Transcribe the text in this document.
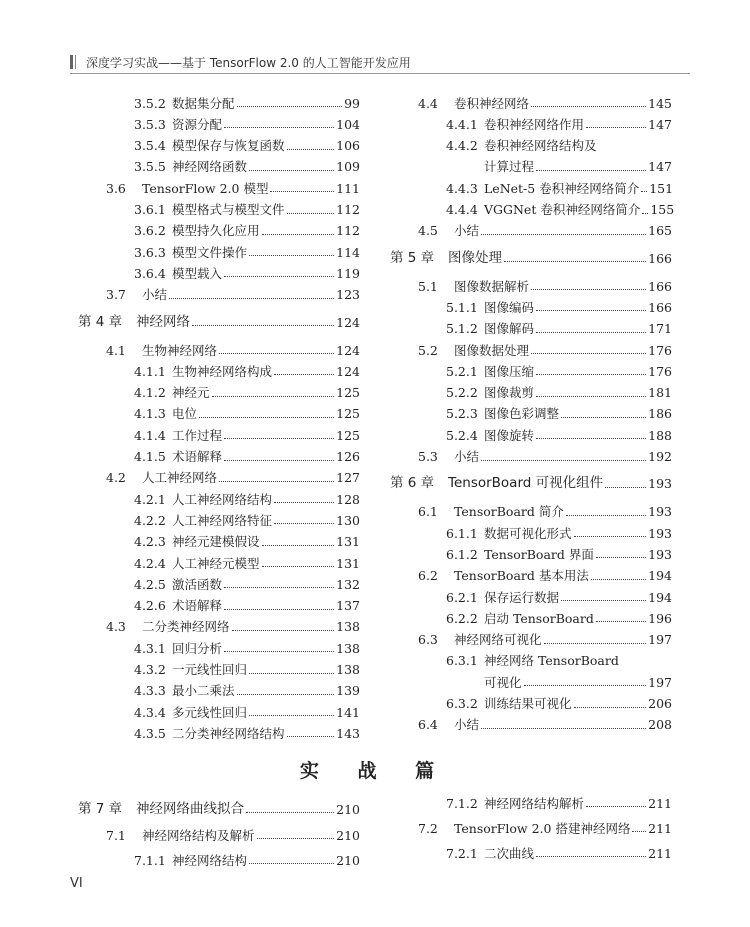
深度学习实战——基于 TensorFlow 2.0 的人工智能开发应用
3.5.2 数据集分配	99
3.5.3 资源分配	104
3.5.4 模型保存与恢复函数	106
3.5.5 神经网络函数	109
3.6	TensorFlow 2.0 模型	111
3.6.1 模型格式与模型文件	112
3.6.2 模型持久化应用	112
3.6.3 模型文件操作	114
3.6.4 模型载入	119
3.7	小结	123
第 4 章	神经网络	124
4.1	生物神经网络	124
4.1.1 生物神经网络构成	124
4.1.2 神经元	125
4.1.3 电位	125
4.1.4 工作过程	125
4.1.5 术语解释	126
4.2	人工神经网络	127
4.2.1 人工神经网络结构	128
4.2.2 人工神经网络特征	130
4.2.3 神经元建模假设	131
4.2.4 人工神经元模型	131
4.2.5 激活函数	132
4.2.6 术语解释	137
4.3	二分类神经网络	138
4.3.1 回归分析	138
4.3.2 一元线性回归	138
4.3.3 最小二乘法	139
4.3.4 多元线性回归	141
4.3.5 二分类神经网络结构	143
4.4	卷积神经网络	145
4.4.1 卷积神经网络作用	147
4.4.2 卷积神经网络结构及
计算过程	147
4.4.3 LeNet-5 卷积神经网络简介 151
4.4.4 VGGNet 卷积神经网络简介 155
4.5	小结	165
第 5 章	图像处理	166
5.1	图像数据解析	166
5.1.1 图像编码	166
5.1.2 图像解码	171
5.2	图像数据处理	176
5.2.1 图像压缩	176
5.2.2 图像裁剪	181
5.2.3 图像色彩调整	186
5.2.4 图像旋转	188
5.3	小结	192
第 6 章	TensorBoard 可视化组件	193
6.1	TensorBoard 简介	193
6.1.1 数据可视化形式	193
6.1.2 TensorBoard 界面	193
6.2	TensorBoard 基本用法	194
6.2.1 保存运行数据	194
6.2.2 启动 TensorBoard	196
6.3	神经网络可视化	197
6.3.1 神经网络 TensorBoard
可视化	197
6.3.2 训练结果可视化	206
6.4	小结	208
实 战 篇
第 7 章	神经网络曲线拟合	210
7.1	神经网络结构及解析	210
7.1.1 神经网络结构	210
7.1.2 神经网络结构解析	211
7.2	TensorFlow 2.0 搭建神经网络 211
7.2.1 二次曲线	211
VI
